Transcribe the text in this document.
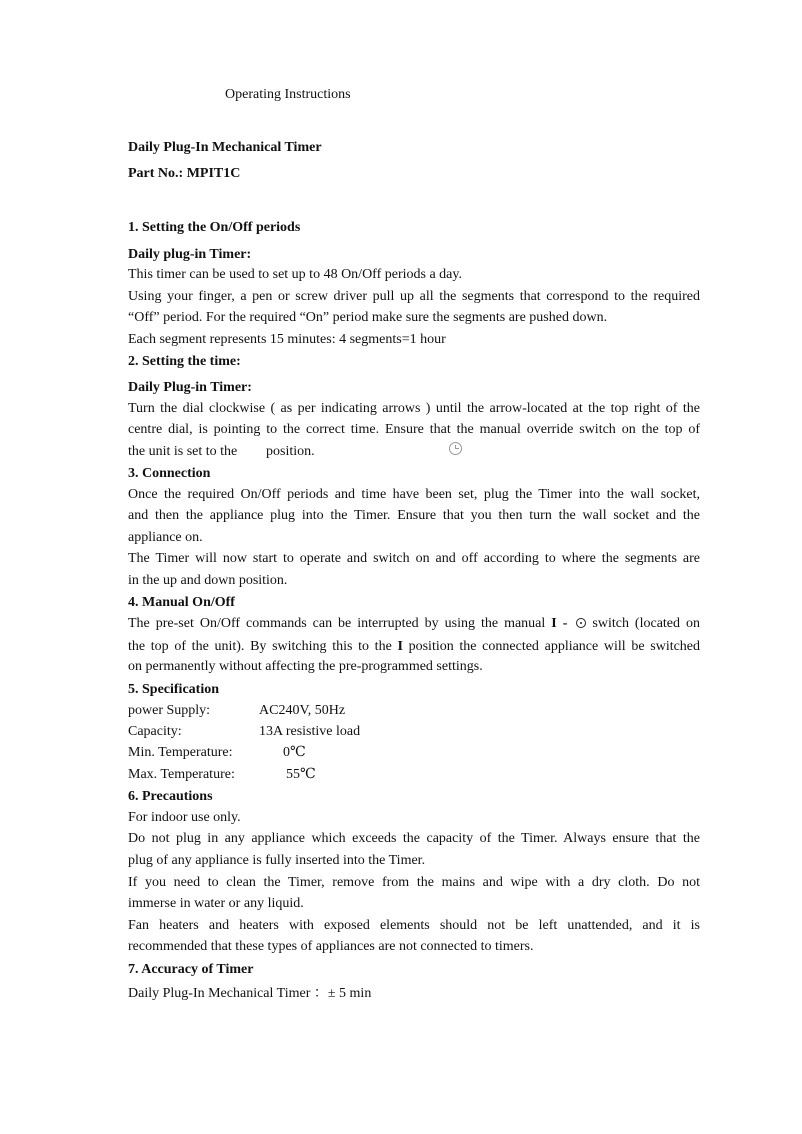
Operating Instructions
Daily Plug-In Mechanical Timer
Part No.: MPIT1C
1. Setting the On/Off periods
Daily plug-in Timer:
This timer can be used to set up to 48 On/Off periods a day.
Using your finger, a pen or screw driver pull up all the segments that correspond to the required
“Off” period. For the required “On” period make sure the segments are pushed down.
Each segment represents 15 minutes: 4 segments=1 hour
2. Setting the time:
Daily Plug-in Timer:
Turn the dial clockwise ( as per indicating arrows ) until the arrow-located at the top right of the
centre dial, is pointing to the correct time. Ensure that the manual override switch on the top of
the unit is set to the position.
3. Connection
Once the required On/Off periods and time have been set, plug the Timer into the wall socket,
and then the appliance plug into the Timer. Ensure that you then turn the wall socket and the
appliance on.
The Timer will now start to operate and switch on and off according to where the segments are
in the up and down position.
4. Manual On/Off
The pre-set On/Off commands can be interrupted by using the manual I - switch (located on
the top of the unit). By switching this to the I position the connected appliance will be switched
on permanently without affecting the pre-programmed settings.
5. Specification
power Supply:	AC240V, 50Hz
Capacity:	13A resistive load
Min. Temperature:	0℃
Max. Temperature:	55℃
6. Precautions
For indoor use only.
Do not plug in any appliance which exceeds the capacity of the Timer. Always ensure that the
plug of any appliance is fully inserted into the Timer.
If you need to clean the Timer, remove from the mains and wipe with a dry cloth. Do not
immerse in water or any liquid.
Fan heaters and heaters with exposed elements should not be left unattended, and it is
recommended that these types of appliances are not connected to timers.
7. Accuracy of Timer
Daily Plug-In Mechanical Timer ：± 5 min
